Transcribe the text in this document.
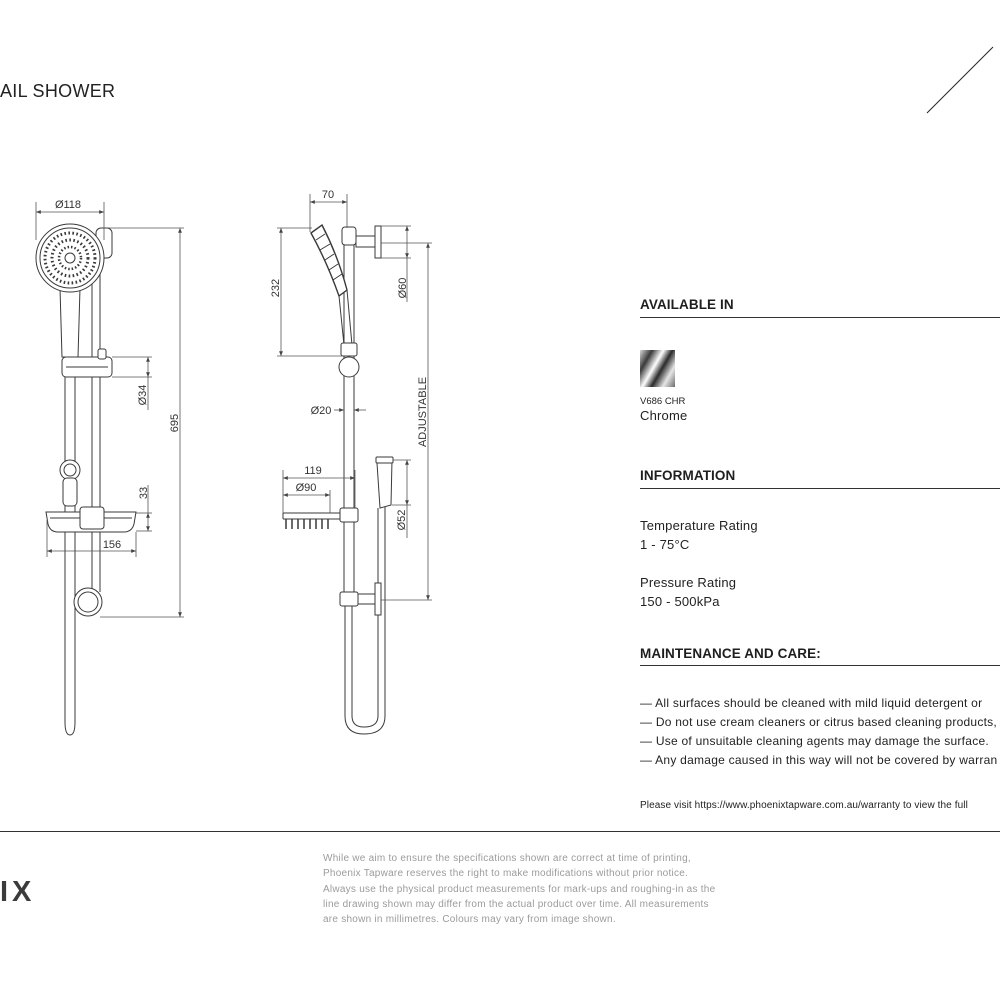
AIL SHOWER
Ø118
695
Ø34
33
156
70
232	Ø60
ADJUSTABLE
Ø20
119
Ø90
Ø52
AVAILABLE IN
V686 CHR
Chrome
INFORMATION
Temperature Rating
1 - 75°C
Pressure Rating
150 - 500kPa
MAINTENANCE AND CARE:
— All surfaces should be cleaned with mild liquid detergent or
— Do not use cream cleaners or citrus based cleaning products,
— Use of unsuitable cleaning agents may damage the surface.
— Any damage caused in this way will not be covered by warran
Please visit https://www.phoenixtapware.com.au/warranty to view the full
IX
While we aim to ensure the specifications shown are correct at time of printing,
Phoenix Tapware reserves the right to make modifications without prior notice.
Always use the physical product measurements for mark-ups and roughing-in as the
line drawing shown may differ from the actual product over time. All measurements
are shown in millimetres. Colours may vary from image shown.
